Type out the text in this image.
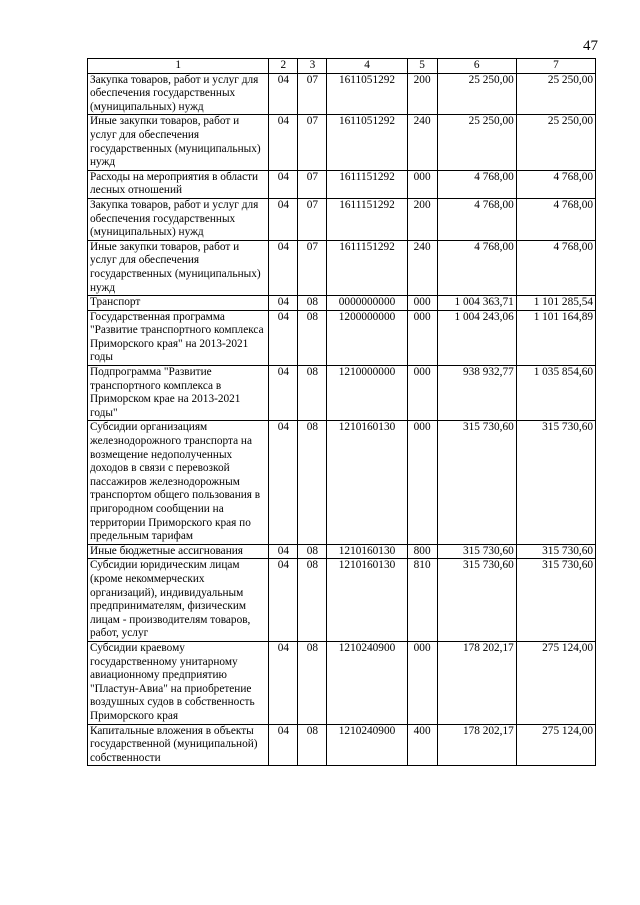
47
1	2	3	4	5	6	7
Закупка товаров, работ и услуг для обеспечения государственных (муниципальных) нужд	04	07	1611051292	200	25 250,00	25 250,00
Иные закупки товаров, работ и услуг для обеспечения государственных (муниципальных) нужд	04	07	1611051292	240	25 250,00	25 250,00
Расходы на мероприятия в области лесных отношений	04	07	1611151292	000	4 768,00	4 768,00
Закупка товаров, работ и услуг для обеспечения государственных (муниципальных) нужд	04	07	1611151292	200	4 768,00	4 768,00
Иные закупки товаров, работ и услуг для обеспечения государственных (муниципальных) нужд	04	07	1611151292	240	4 768,00	4 768,00
Транспорт	04	08	0000000000	000	1 004 363,71	1 101 285,54
Государственная программа "Развитие транспортного комплекса Приморского края" на 2013-2021 годы	04	08	1200000000	000	1 004 243,06	1 101 164,89
Подпрограмма "Развитие транспортного комплекса в Приморском крае на 2013-2021 годы"	04	08	1210000000	000	938 932,77	1 035 854,60
Субсидии организациям железнодорожного транспорта на возмещение недополученных доходов в связи с перевозкой пассажиров железнодорожным транспортом общего пользования в пригородном сообщении на территории Приморского края по предельным тарифам	04	08	1210160130	000	315 730,60	315 730,60
Иные бюджетные ассигнования	04	08	1210160130	800	315 730,60	315 730,60
Субсидии юридическим лицам (кроме некоммерческих организаций), индивидуальным предпринимателям, физическим лицам - производителям товаров, работ, услуг	04	08	1210160130	810	315 730,60	315 730,60
Субсидии краевому государственному унитарному авиационному предприятию "Пластун-Авиа" на приобретение воздушных судов в собственность Приморского края	04	08	1210240900	000	178 202,17	275 124,00
Капитальные вложения в объекты государственной (муниципальной) собственности	04	08	1210240900	400	178 202,17	275 124,00
